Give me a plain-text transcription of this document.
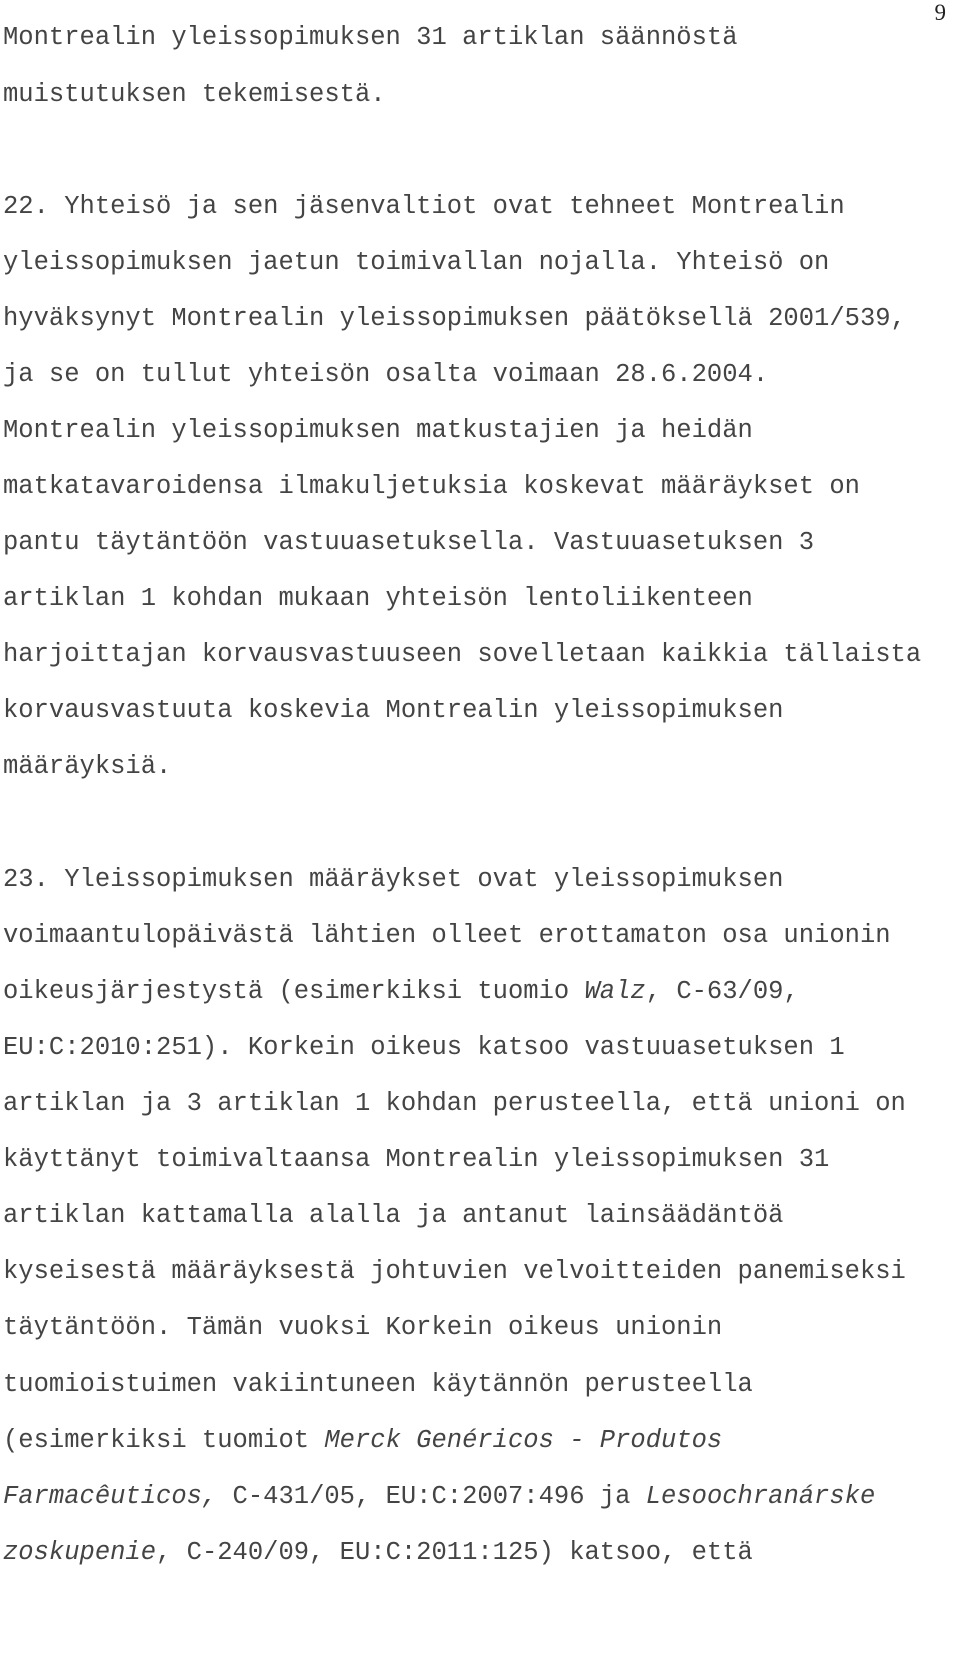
9
Montrealin yleissopimuksen 31 artiklan säännöstä
muistutuksen tekemisestä.
22. Yhteisö ja sen jäsenvaltiot ovat tehneet Montrealin
yleissopimuksen jaetun toimivallan nojalla. Yhteisö on
hyväksynyt Montrealin yleissopimuksen päätöksellä 2001/539,
ja se on tullut yhteisön osalta voimaan 28.6.2004.
Montrealin yleissopimuksen matkustajien ja heidän
matkatavaroidensa ilmakuljetuksia koskevat määräykset on
pantu täytäntöön vastuuasetuksella. Vastuuasetuksen 3
artiklan 1 kohdan mukaan yhteisön lentoliikenteen
harjoittajan korvausvastuuseen sovelletaan kaikkia tällaista
korvausvastuuta koskevia Montrealin yleissopimuksen
määräyksiä.
23. Yleissopimuksen määräykset ovat yleissopimuksen
voimaantulopäivästä lähtien olleet erottamaton osa unionin
oikeusjärjestystä (esimerkiksi tuomio Walz, C-63/09,
EU:C:2010:251). Korkein oikeus katsoo vastuuasetuksen 1
artiklan ja 3 artiklan 1 kohdan perusteella, että unioni on
käyttänyt toimivaltaansa Montrealin yleissopimuksen 31
artiklan kattamalla alalla ja antanut lainsäädäntöä
kyseisestä määräyksestä johtuvien velvoitteiden panemiseksi
täytäntöön. Tämän vuoksi Korkein oikeus unionin
tuomioistuimen vakiintuneen käytännön perusteella
(esimerkiksi tuomiot Merck Genéricos - Produtos
Farmacêuticos, C-431/05, EU:C:2007:496 ja Lesoochranárske
zoskupenie, C-240/09, EU:C:2011:125) katsoo, että
